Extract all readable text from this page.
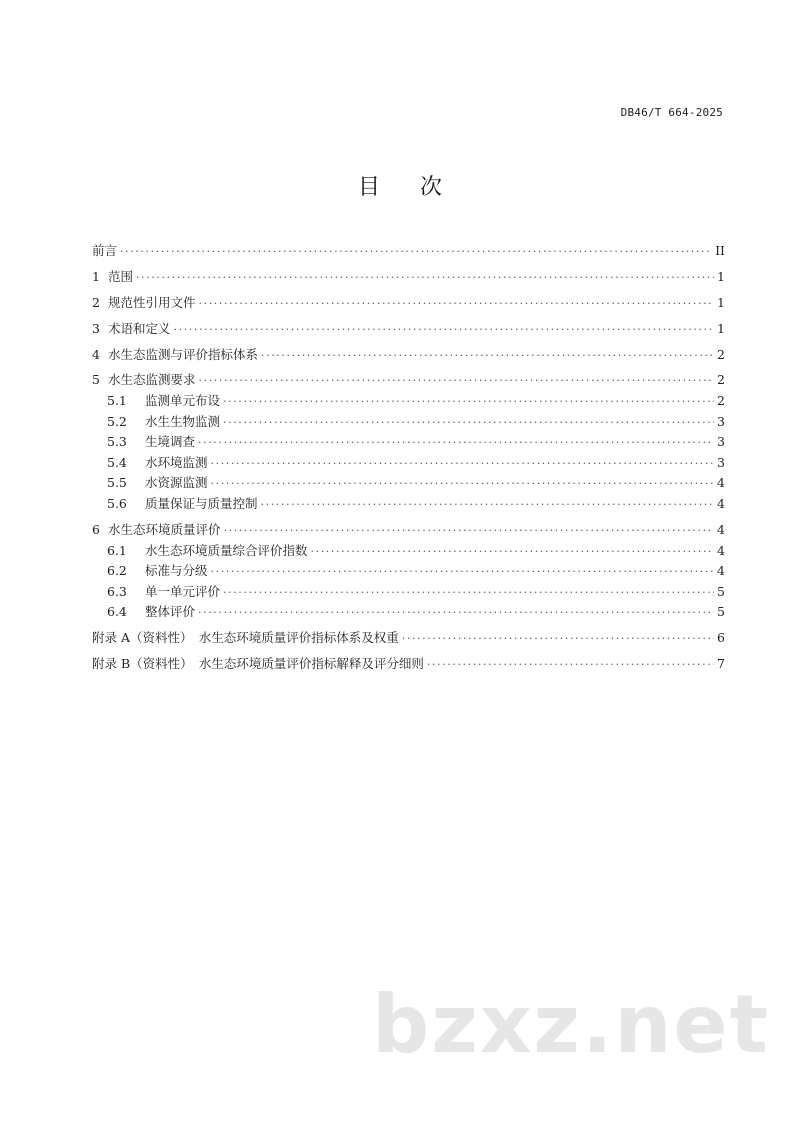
DB46/T 664-2025
目次
前言 ·····	II
1 范围 ·····	1
2 规范性引用文件 ·····	1
3 术语和定义 ·····	1
4 水生态监测与评价指标体系 ·····	2
5 水生态监测要求 ·····	2
5.1	监测单元布设 ·····	2
5.2	水生生物监测 ·····	3
5.3	生境调查 ·····	3
5.4	水环境监测 ·····	3
5.5	水资源监测 ·····	4
5.6	质量保证与质量控制 ·····	4
6 水生态环境质量评价 ·····	4
6.1	水生态环境质量综合评价指数 ·····	4
6.2	标准与分级 ·····	4
6.3	单一单元评价 ·····	5
6.4	整体评价 ·····	5
附录 A（资料性）　水生态环境质量评价指标体系及权重 ·····	6
附录 B（资料性）　水生态环境质量评价指标解释及评分细则 ·····	7
bzxz.net
